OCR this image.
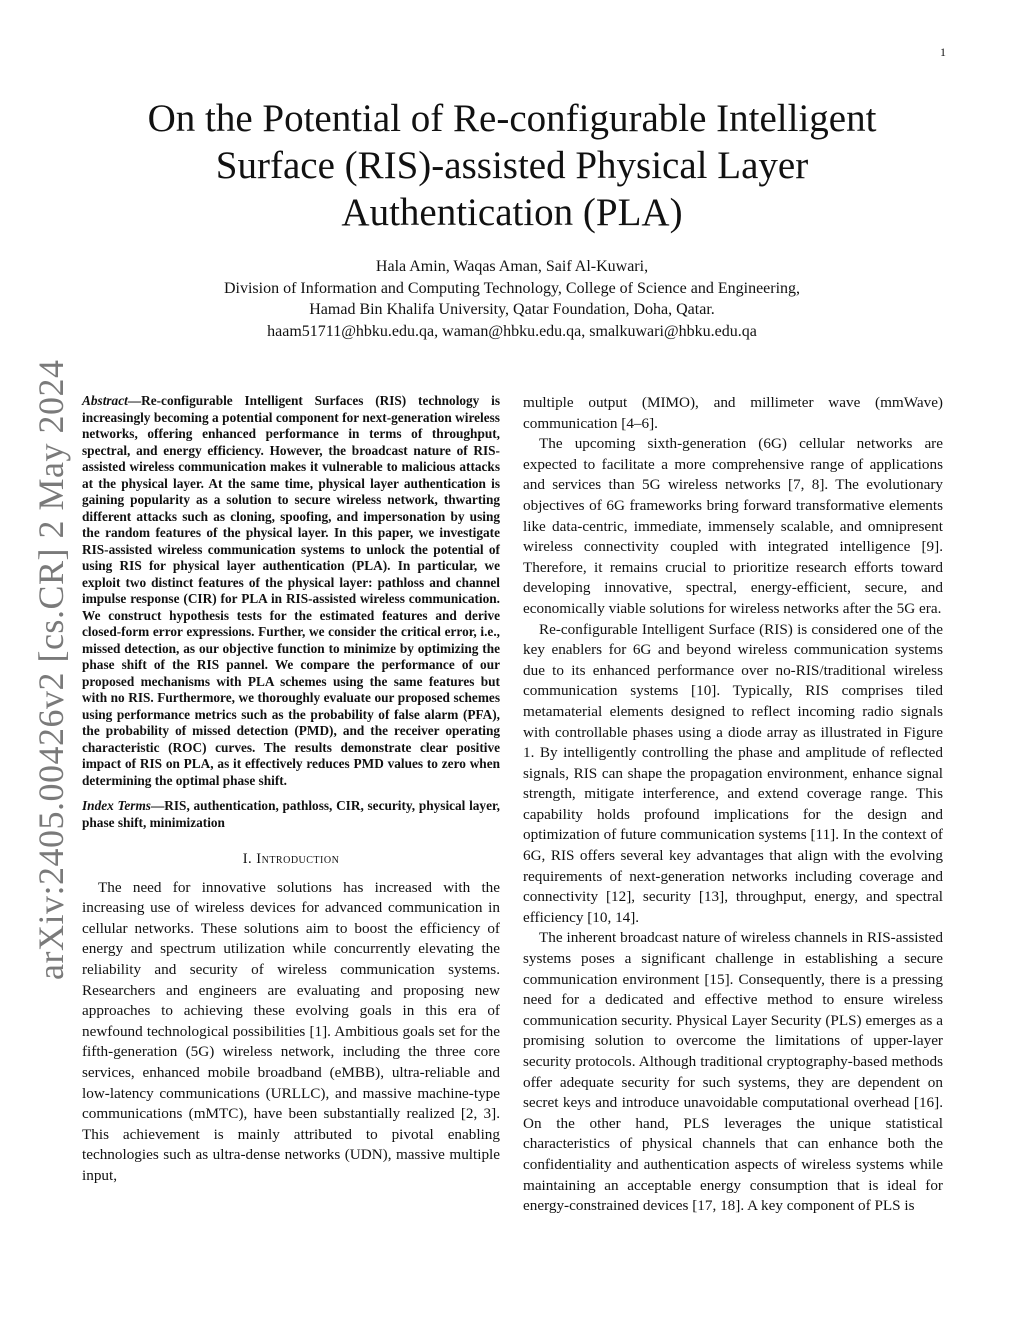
1
arXiv:2405.00426v2 [cs.CR] 2 May 2024
On the Potential of Re-configurable Intelligent Surface (RIS)-assisted Physical Layer Authentication (PLA)
Hala Amin, Waqas Aman, Saif Al-Kuwari,
Division of Information and Computing Technology, College of Science and Engineering,
Hamad Bin Khalifa University, Qatar Foundation, Doha, Qatar.
haam51711@hbku.edu.qa, waman@hbku.edu.qa, smalkuwari@hbku.edu.qa
Abstract—Re-configurable Intelligent Surfaces (RIS) technology is increasingly becoming a potential component for next-generation wireless networks, offering enhanced performance in terms of throughput, spectral, and energy efficiency. However, the broadcast nature of RIS-assisted wireless communication makes it vulnerable to malicious attacks at the physical layer. At the same time, physical layer authentication is gaining popularity as a solution to secure wireless network, thwarting different attacks such as cloning, spoofing, and impersonation by using the random features of the physical layer. In this paper, we investigate RIS-assisted wireless communication systems to unlock the potential of using RIS for physical layer authentication (PLA). In particular, we exploit two distinct features of the physical layer: pathloss and channel impulse response (CIR) for PLA in RIS-assisted wireless communication. We construct hypothesis tests for the estimated features and derive closed-form error expressions. Further, we consider the critical error, i.e., missed detection, as our objective function to minimize by optimizing the phase shift of the RIS pannel. We compare the performance of our proposed mechanisms with PLA schemes using the same features but with no RIS. Furthermore, we thoroughly evaluate our proposed schemes using performance metrics such as the probability of false alarm (PFA), the probability of missed detection (PMD), and the receiver operating characteristic (ROC) curves. The results demonstrate clear positive impact of RIS on PLA, as it effectively reduces PMD values to zero when determining the optimal phase shift.
Index Terms—RIS, authentication, pathloss, CIR, security, physical layer, phase shift, minimization
I. Introduction

The need for innovative solutions has increased with the increasing use of wireless devices for advanced communication in cellular networks. These solutions aim to boost the efficiency of energy and spectrum utilization while concurrently elevating the reliability and security of wireless communication systems. Researchers and engineers are evaluating and proposing new approaches to achieving these evolving goals in this era of newfound technological possibilities [1]. Ambitious goals set for the fifth-generation (5G) wireless network, including the three core services, enhanced mobile broadband (eMBB), ultra-reliable and low-latency communications (URLLC), and massive machine-type communications (mMTC), have been substantially realized [2, 3]. This achievement is mainly attributed to pivotal enabling technologies such as ultra-dense networks (UDN), massive multiple input,

multiple output (MIMO), and millimeter wave (mmWave) communication [4–6].

The upcoming sixth-generation (6G) cellular networks are expected to facilitate a more comprehensive range of applications and services than 5G wireless networks [7, 8]. The evolutionary objectives of 6G frameworks bring forward transformative elements like data-centric, immediate, immensely scalable, and omnipresent wireless connectivity coupled with integrated intelligence [9]. Therefore, it remains crucial to prioritize research efforts toward developing innovative, spectral, energy-efficient, secure, and economically viable solutions for wireless networks after the 5G era.

Re-configurable Intelligent Surface (RIS) is considered one of the key enablers for 6G and beyond wireless communication systems due to its enhanced performance over no-RIS/traditional wireless communication systems [10]. Typically, RIS comprises tiled metamaterial elements designed to reflect incoming radio signals with controllable phases using a diode array as illustrated in Figure 1. By intelligently controlling the phase and amplitude of reflected signals, RIS can shape the propagation environment, enhance signal strength, mitigate interference, and extend coverage range. This capability holds profound implications for the design and optimization of future communication systems [11]. In the context of 6G, RIS offers several key advantages that align with the evolving requirements of next-generation networks including coverage and connectivity [12], security [13], throughput, energy, and spectral efficiency [10, 14].

The inherent broadcast nature of wireless channels in RIS-assisted systems poses a significant challenge in establishing a secure communication environment [15]. Consequently, there is a pressing need for a dedicated and effective method to ensure wireless communication security. Physical Layer Security (PLS) emerges as a promising solution to overcome the limitations of upper-layer security protocols. Although traditional cryptography-based methods offer adequate security for such systems, they are dependent on secret keys and introduce unavoidable computational overhead [16]. On the other hand, PLS leverages the unique statistical characteristics of physical channels that can enhance both the confidentiality and authentication aspects of wireless systems while maintaining an acceptable energy consumption that is ideal for energy-constrained devices [17, 18]. A key component of PLS is
